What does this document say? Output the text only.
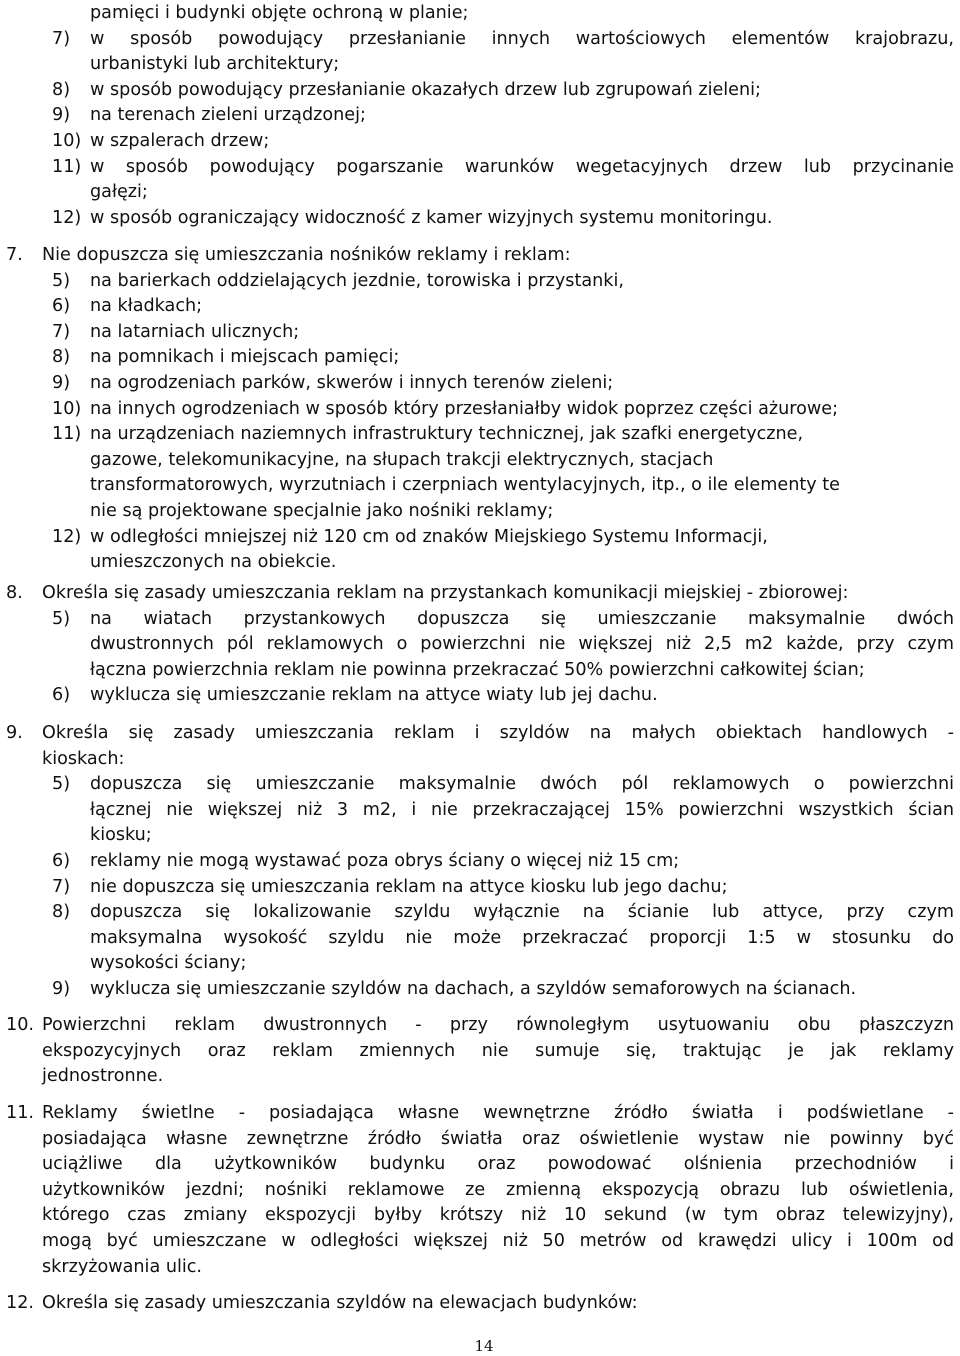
pamięci i budynki objęte ochroną w planie;

7) w sposób powodujący przesłanianie innych wartościowych elementów krajobrazu,
urbanistyki lub architektury;
8) w sposób powodujący przesłanianie okazałych drzew lub zgrupowań zieleni;
9) na terenach zieleni urządzonej;
10) w szpalerach drzew;
11) w sposób powodujący pogarszanie warunków wegetacyjnych drzew lub przycinanie
gałęzi;
12) w sposób ograniczający widoczność z kamer wizyjnych systemu monitoringu.
7. Nie dopuszcza się umieszczania nośników reklamy i reklam:
5) na barierkach oddzielających jezdnie, torowiska i przystanki,
6) na kładkach;
7) na latarniach ulicznych;
8) na pomnikach i miejscach pamięci;
9) na ogrodzeniach parków, skwerów i innych terenów zieleni;
10) na innych ogrodzeniach w sposób który przesłaniałby widok poprzez części ażurowe;
11) na urządzeniach naziemnych infrastruktury technicznej, jak szafki energetyczne,
gazowe, telekomunikacyjne, na słupach trakcji elektrycznych, stacjach
transformatorowych, wyrzutniach i czerpniach wentylacyjnych, itp., o ile elementy te
nie są projektowane specjalnie jako nośniki reklamy;
12) w odległości mniejszej niż 120 cm od znaków Miejskiego Systemu Informacji,
umieszczonych na obiekcie.
8. Określa się zasady umieszczania reklam na przystankach komunikacji miejskiej - zbiorowej:
5) na wiatach przystankowych dopuszcza się umieszczanie maksymalnie dwóch
dwustronnych pól reklamowych o powierzchni nie większej niż 2,5 m2 każde, przy czym
łączna powierzchnia reklam nie powinna przekraczać 50% powierzchni całkowitej ścian;
6) wyklucza się umieszczanie reklam na attyce wiaty lub jej dachu.
9. Określa się zasady umieszczania reklam i szyldów na małych obiektach handlowych -
kioskach:
5) dopuszcza się umieszczanie maksymalnie dwóch pól reklamowych o powierzchni
łącznej nie większej niż 3 m2, i nie przekraczającej 15% powierzchni wszystkich ścian
kiosku;
6) reklamy nie mogą wystawać poza obrys ściany o więcej niż 15 cm;
7) nie dopuszcza się umieszczania reklam na attyce kiosku lub jego dachu;
8) dopuszcza się lokalizowanie szyldu wyłącznie na ścianie lub attyce, przy czym
maksymalna wysokość szyldu nie może przekraczać proporcji 1:5 w stosunku do
wysokości ściany;
9) wyklucza się umieszczanie szyldów na dachach, a szyldów semaforowych na ścianach.
10. Powierzchni reklam dwustronnych - przy równoległym usytuowaniu obu płaszczyzn
ekspozycyjnych oraz reklam zmiennych nie sumuje się, traktując je jak reklamy
jednostronne.
11. Reklamy świetlne - posiadająca własne wewnętrzne źródło światła i podświetlane -
posiadająca własne zewnętrzne źródło światła oraz oświetlenie wystaw nie powinny być
uciążliwe dla użytkowników budynku oraz powodować olśnienia przechodniów i
użytkowników jezdni; nośniki reklamowe ze zmienną ekspozycją obrazu lub oświetlenia,
którego czas zmiany ekspozycji byłby krótszy niż 10 sekund (w tym obraz telewizyjny),
mogą być umieszczane w odległości większej niż 50 metrów od krawędzi ulicy i 100m od
skrzyżowania ulic.
12. Określa się zasady umieszczania szyldów na elewacjach budynków:
14
